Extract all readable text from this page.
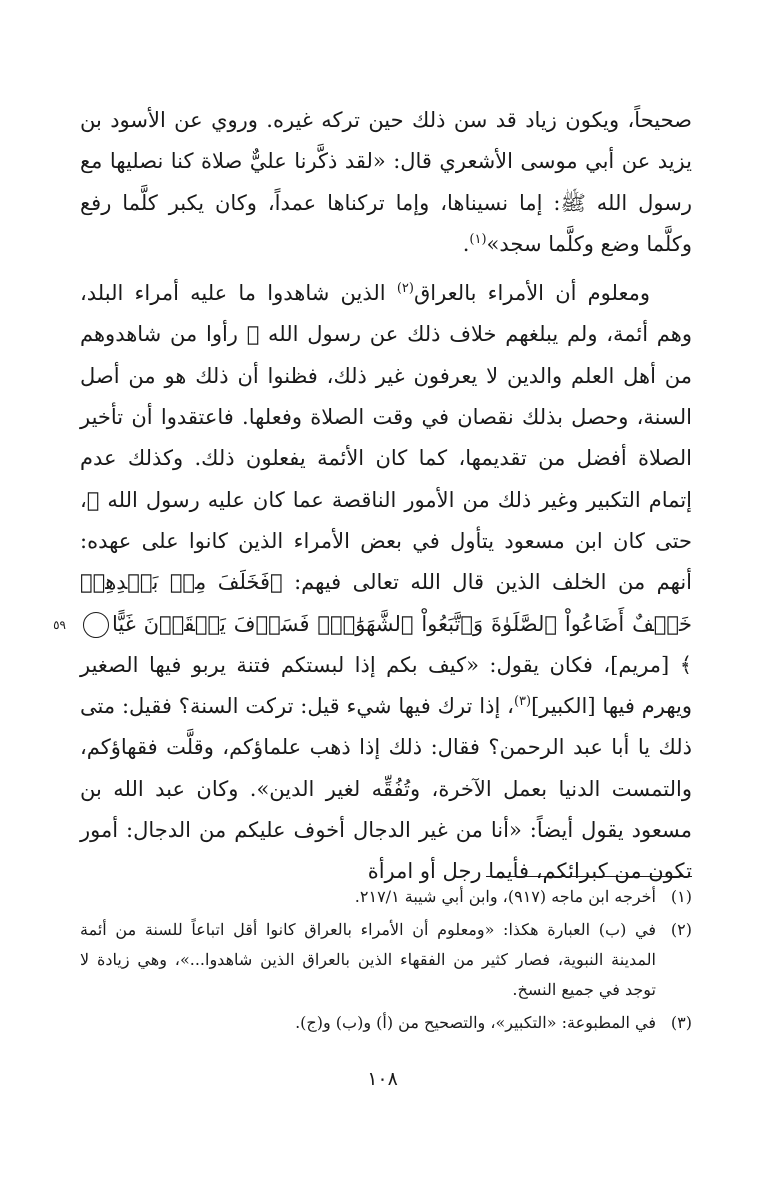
صحيحاً، ويكون زياد قد سن ذلك حين تركه غيره. وروي عن الأسود بن يزيد عن أبي موسى الأشعري قال: «لقد ذكَّرنا عليٌّ صلاة كنا نصليها مع رسول الله ﷺ: إما نسيناها، وإما تركناها عمداً، وكان يكبر كلَّما رفع وكلَّما وضع وكلَّما سجد»$^{(١)}$.

ومعلوم أن الأمراء بالعراق$^{(٢)}$ الذين شاهدوا ما عليه أمراء البلد، وهم أئمة، ولم يبلغهم خلاف ذلك عن رسول الله ﷺ رأوا من شاهدوهم من أهل العلم والدين لا يعرفون غير ذلك، فظنوا أن ذلك هو من أصل السنة، وحصل بذلك نقصان في وقت الصلاة وفعلها. فاعتقدوا أن تأخير الصلاة أفضل من تقديمها، كما كان الأئمة يفعلون ذلك. وكذلك عدم إتمام التكبير وغير ذلك من الأمور الناقصة عما كان عليه رسول الله ﷺ، حتى كان ابن مسعود يتأول في بعض الأمراء الذين كانوا على عهده: أنهم من الخلف الذين قال الله تعالى فيهم: ﴿فَخَلَفَ مِنۢ بَعۡدِهِمۡ خَلۡفٌ أَضَاعُواْ ٱلصَّلَوٰةَ وَٱتَّبَعُواْ ٱلشَّهَوَٰتِۖ فَسَوۡفَ يَلۡقَوۡنَ غَيًّا٥٩﴾ [مريم]، فكان يقول: «كيف بكم إذا لبستكم فتنة يربو فيها الصغير ويهرم فيها [الكبير]$^{(٣)}$، إذا ترك فيها شيء قيل: تركت السنة؟ فقيل: متى ذلك يا أبا عبد الرحمن؟ فقال: ذلك إذا ذهب علماؤكم، وقلَّت فقهاؤكم، والتمست الدنيا بعمل الآخرة، وتُفُقِّه لغير الدين». وكان عبد الله بن مسعود يقول أيضاً: «أنا من غير الدجال أخوف عليكم من الدجال: أمور تكون من كبرائكم، فأيما رجل أو امرأة

(١)
أخرجه ابن ماجه (٩١٧)، وابن أبي شيبة ٢١٧/١.

(٢)
في (ب) العبارة هكذا: «ومعلوم أن الأمراء بالعراق كانوا أقل اتباعاً للسنة من أئمة المدينة النبوية، فصار كثير من الفقهاء الذين بالعراق الذين شاهدوا...»، وهي زيادة لا توجد في جميع النسخ.

(٣)
في المطبوعة: «التكبير»، والتصحيح من (أ) و(ب) و(ج).

١٠٨
